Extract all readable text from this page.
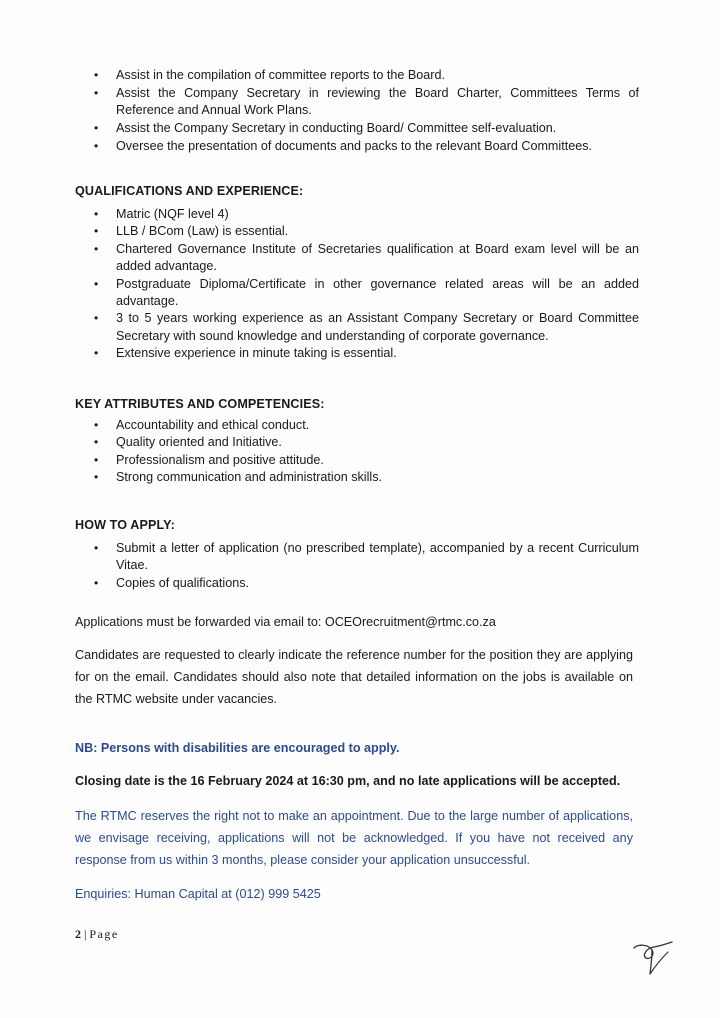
•	Assist in the compilation of committee reports to the Board.
•	Assist the Company Secretary in reviewing the Board Charter, Committees Terms of Reference and Annual Work Plans.
•	Assist the Company Secretary in conducting Board/ Committee self-evaluation.
•	Oversee the presentation of documents and packs to the relevant Board Committees.
QUALIFICATIONS AND EXPERIENCE:
•	Matric (NQF level 4)
•	LLB / BCom (Law) is essential.
•	Chartered Governance Institute of Secretaries qualification at Board exam level will be an added advantage.
•	Postgraduate Diploma/Certificate in other governance related areas will be an added advantage.
•	3 to 5 years working experience as an Assistant Company Secretary or Board Committee Secretary with sound knowledge and understanding of corporate governance.
•	Extensive experience in minute taking is essential.
KEY ATTRIBUTES AND COMPETENCIES:
•	Accountability and ethical conduct.
•	Quality oriented and Initiative.
•	Professionalism and positive attitude.
•	Strong communication and administration skills.
HOW TO APPLY:
•	Submit a letter of application (no prescribed template), accompanied by a recent Curriculum Vitae.
•	Copies of qualifications.
Applications must be forwarded via email to: OCEOrecruitment@rtmc.co.za
Candidates are requested to clearly indicate the reference number for the position they are applying for on the email. Candidates should also note that detailed information on the jobs is available on the RTMC website under vacancies.
NB: Persons with disabilities are encouraged to apply.
Closing date is the 16 February 2024 at 16:30 pm, and no late applications will be accepted.
The RTMC reserves the right not to make an appointment. Due to the large number of applications, we envisage receiving, applications will not be acknowledged. If you have not received any response from us within 3 months, please consider your application unsuccessful.
Enquiries: Human Capital at (012) 999 5425
2 | Page
